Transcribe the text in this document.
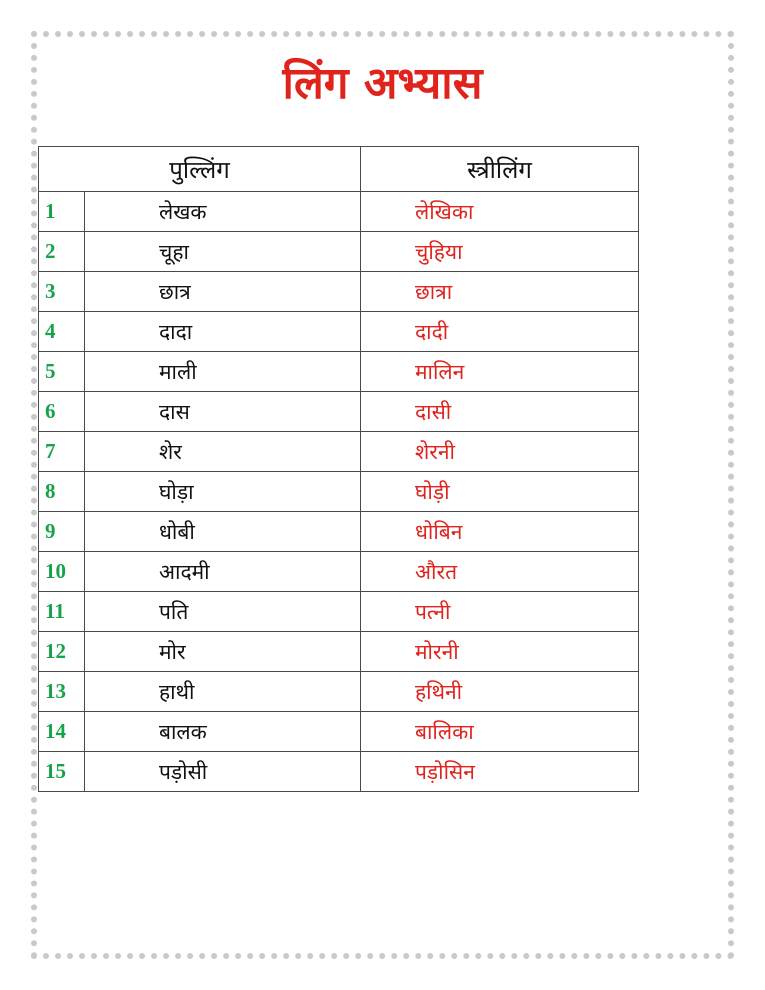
लिंग अभ्यास
पुल्लिंग		स्त्रीलिंग
1	लेखक	लेखिका
2	चूहा	चुहिया
3	छात्र	छात्रा
4	दादा	दादी
5	माली	मालिन
6	दास	दासी
7	शेर	शेरनी
8	घोड़ा	घोड़ी
9	धोबी	धोबिन
10	आदमी	औरत
11	पति	पत्नी
12	मोर	मोरनी
13	हाथी	हथिनी
14	बालक	बालिका
15	पड़ोसी	पड़ोसिन
